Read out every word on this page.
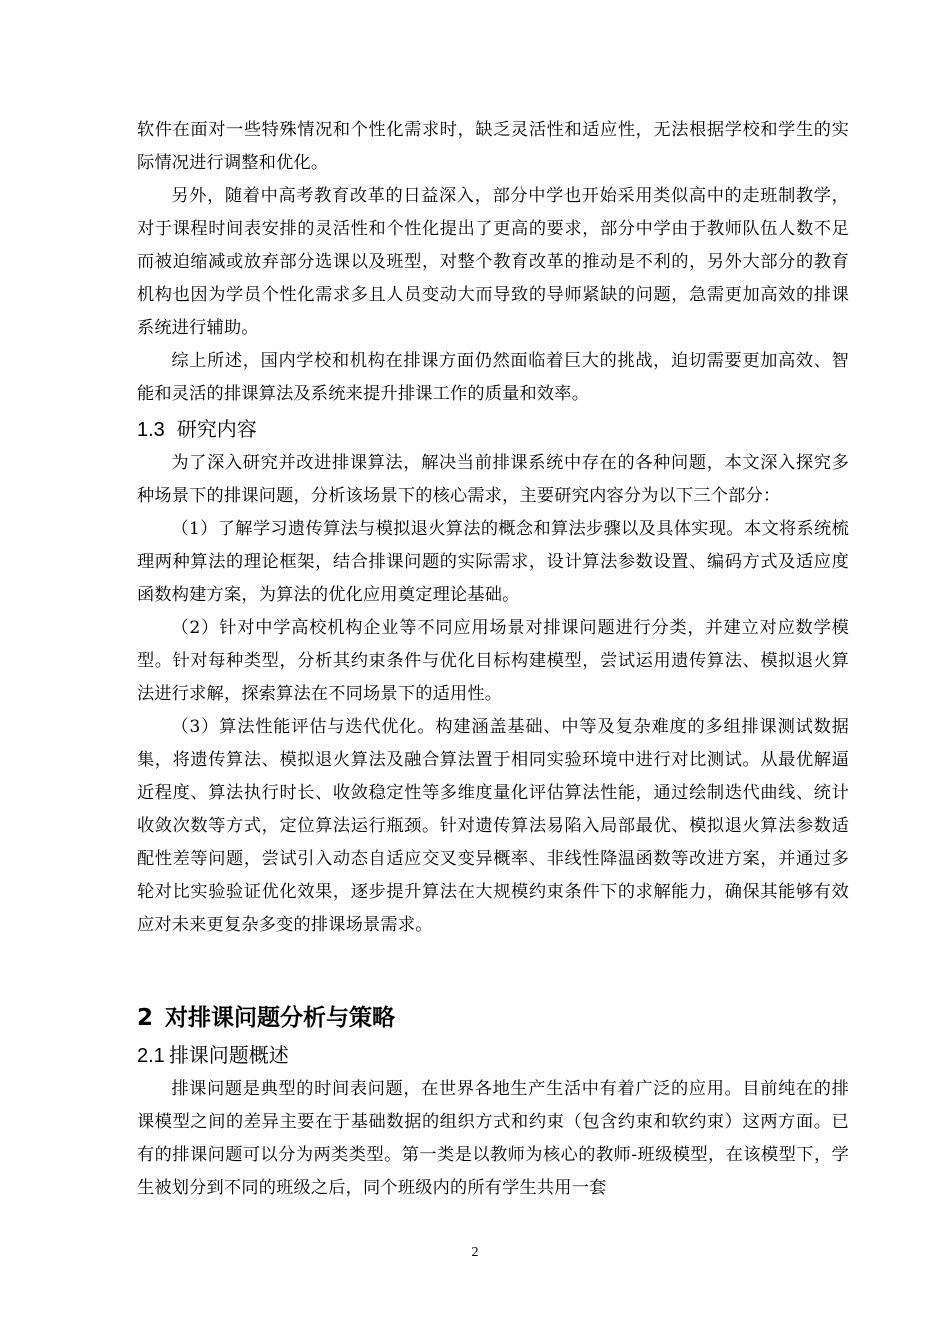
软件在面对一些特殊情况和个性化需求时，缺乏灵活性和适应性，无法根据学校和学生的实际情况进行调整和优化。

另外，随着中高考教育改革的日益深入，部分中学也开始采用类似高中的走班制教学，对于课程时间表安排的灵活性和个性化提出了更高的要求，部分中学由于教师队伍人数不足而被迫缩减或放弃部分选课以及班型，对整个教育改革的推动是不利的，另外大部分的教育机构也因为学员个性化需求多且人员变动大而导致的导师紧缺的问题，急需更加高效的排课系统进行辅助。

综上所述，国内学校和机构在排课方面仍然面临着巨大的挑战，迫切需要更加高效、智能和灵活的排课算法及系统来提升排课工作的质量和效率。

1.3 研究内容

为了深入研究并改进排课算法，解决当前排课系统中存在的各种问题，本文深入探究多种场景下的排课问题，分析该场景下的核心需求，主要研究内容分为以下三个部分：

（1）了解学习遗传算法与模拟退火算法的概念和算法步骤以及具体实现。本文将系统梳理两种算法的理论框架，结合排课问题的实际需求，设计算法参数设置、编码方式及适应度函数构建方案，为算法的优化应用奠定理论基础。

（2）针对中学高校机构企业等不同应用场景对排课问题进行分类，并建立对应数学模型。针对每种类型，分析其约束条件与优化目标构建模型，尝试运用遗传算法、模拟退火算法进行求解，探索算法在不同场景下的适用性。

（3）算法性能评估与迭代优化。构建涵盖基础、中等及复杂难度的多组排课测试数据集，将遗传算法、模拟退火算法及融合算法置于相同实验环境中进行对比测试。从最优解逼近程度、算法执行时长、收敛稳定性等多维度量化评估算法性能，通过绘制迭代曲线、统计收敛次数等方式，定位算法运行瓶颈。针对遗传算法易陷入局部最优、模拟退火算法参数适配性差等问题，尝试引入动态自适应交叉变异概率、非线性降温函数等改进方案，并通过多轮对比实验验证优化效果，逐步提升算法在大规模约束条件下的求解能力，确保其能够有效应对未来更复杂多变的排课场景需求。

2 对排课问题分析与策略
2.1 排课问题概述

排课问题是典型的时间表问题，在世界各地生产生活中有着广泛的应用。目前纯在的排课模型之间的差异主要在于基础数据的组织方式和约束（包含约束和软约束）这两方面。已有的排课问题可以分为两类类型。第一类是以教师为核心的教师-班级模型，在该模型下，学生被划分到不同的班级之后，同个班级内的所有学生共用一套

2
